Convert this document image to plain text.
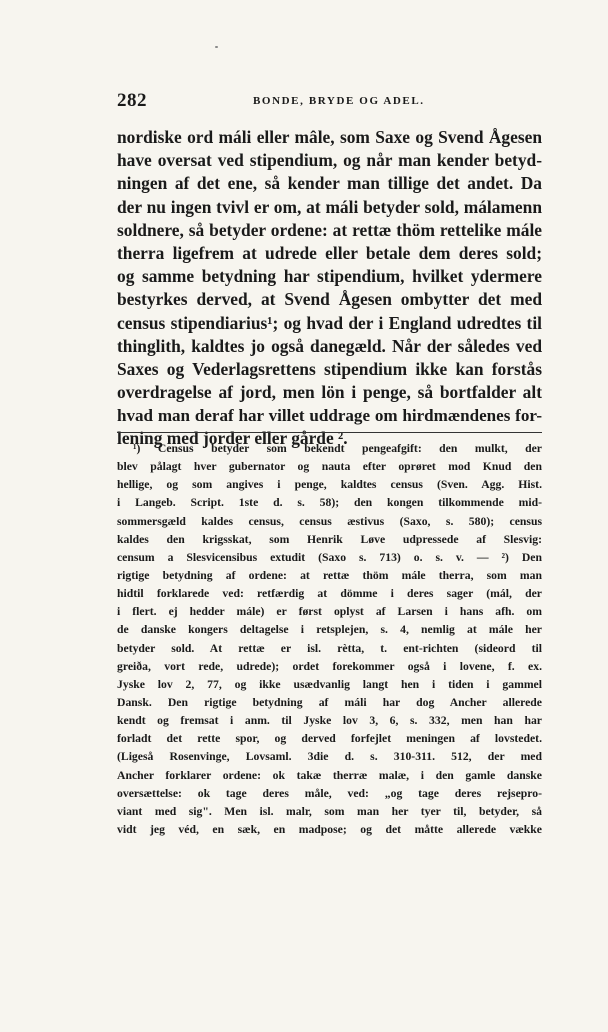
282	BONDE, BRYDE OG ADEL.
nordiske ord máli eller mâle, som Saxe og Svend Ågesen
have oversat ved stipendium, og når man kender betyd-
ningen af det ene, så kender man tillige det andet. Da
der nu ingen tvivl er om, at máli betyder sold, málamenn
soldnere, så betyder ordene: at rettæ thöm rettelike mále
therra ligefrem at udrede eller betale dem deres sold;
og samme betydning har stipendium, hvilket ydermere
bestyrkes derved, at Svend Ågesen ombytter det med
census stipendiarius¹; og hvad der i England udredtes til
thinglith, kaldtes jo også danegæld. Når der således ved
Saxes og Vederlagsrettens stipendium ikke kan forstås
overdragelse af jord, men lön i penge, så bortfalder alt
hvad man deraf har villet uddrage om hirdmændenes for-
lening med jorder eller gårde ².
¹) Census betyder som bekendt pengeafgift: den mulkt, der
blev pålagt hver gubernator og nauta efter oprøret mod Knud den
hellige, og som angives i penge, kaldtes census (Sven. Agg. Hist.
i Langeb. Script. 1ste d. s. 58); den kongen tilkommende mid-
sommersgæld kaldes census, census æstivus (Saxo, s. 580); census
kaldes den krigsskat, som Henrik Løve udpressede af Slesvig:
censum a Slesvicensibus extudit (Saxo s. 713) o. s. v. — ²) Den
rigtige betydning af ordene: at rettæ thöm mále therra, som man
hidtil forklarede ved: retfærdig at dömme i deres sager (mál, der
i flert. ej hedder mále) er først oplyst af Larsen i hans afh. om
de danske kongers deltagelse i retsplejen, s. 4, nemlig at mále her
betyder sold. At rettæ er isl. rètta, t. ent-richten (sideord til
greiða, vort rede, udrede); ordet forekommer også i lovene, f. ex.
Jyske lov 2, 77, og ikke usædvanlig langt hen i tiden i gammel
Dansk. Den rigtige betydning af máli har dog Ancher allerede
kendt og fremsat i anm. til Jyske lov 3, 6, s. 332, men han har
forladt det rette spor, og derved forfejlet meningen af lovstedet.
(Ligeså Rosenvinge, Lovsaml. 3die d. s. 310-311. 512, der med
Ancher forklarer ordene: ok takæ therræ malæ, i den gamle danske
oversættelse: ok tage deres måle, ved: „og tage deres rejsepro-
viant med sig". Men isl. malr, som man her tyer til, betyder, så
vidt jeg véd, en sæk, en madpose; og det måtte allerede vække
